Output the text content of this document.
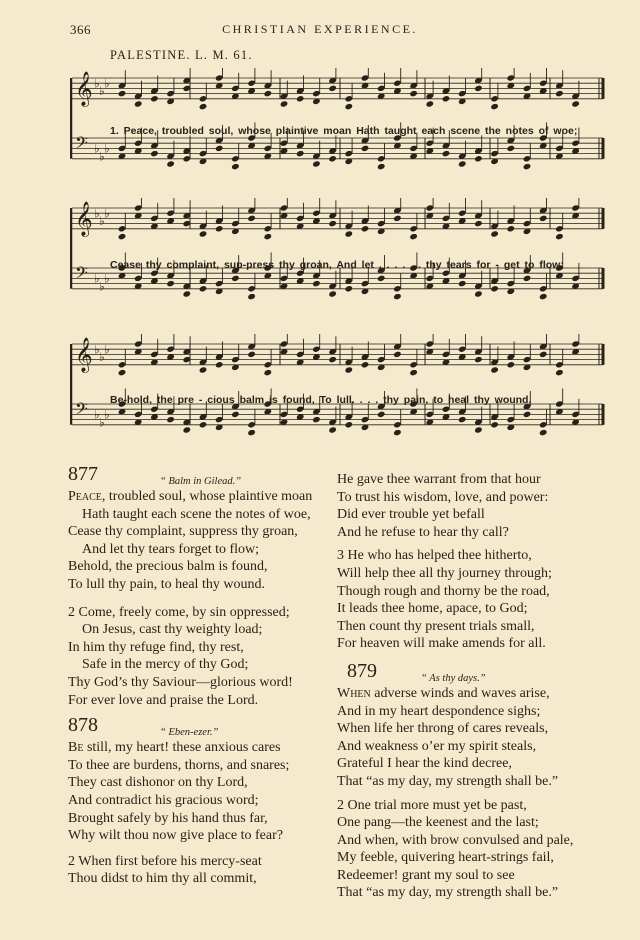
366	CHRISTIAN EXPERIENCE.
PALESTINE. L. M. 61.
𝄞 ♭
♭
♭
𝄢 ♭
♭
♭
1. Peace, troubled soul, whose plaintive moan Hath taught each scene the notes of woe;
𝄞 ♭
♭
♭
𝄢 ♭
♭
♭
Cease thy complaint, sup-press thy groan, And let . . . . . . thy tears for - get to flow;
𝄞 ♭
♭
♭
𝄢 ♭
♭
♭
Be-hold, the pre - cious balm is found, To lull. . . . thy pain, to heal thy wound.
877	“ Balm in Gilead.”

Peace, troubled soul, whose plaintive moan

Hath taught each scene the notes of woe,

Cease thy complaint, suppress thy groan,

And let thy tears forget to flow;

Behold, the precious balm is found,

To lull thy pain, to heal thy wound.

2 Come, freely come, by sin oppressed;

On Jesus, cast thy weighty load;

In him thy refuge find, thy rest,

Safe in the mercy of thy God;

Thy God’s thy Saviour—glorious word!

For ever love and praise the Lord.

878	“ Eben-ezer.”

Be still, my heart! these anxious cares

To thee are burdens, thorns, and snares;

They cast dishonor on thy Lord,

And contradict his gracious word;

Brought safely by his hand thus far,

Why wilt thou now give place to fear?

2 When first before his mercy-seat

Thou didst to him thy all commit,

He gave thee warrant from that hour

To trust his wisdom, love, and power:

Did ever trouble yet befall

And he refuse to hear thy call?

3 He who has helped thee hitherto,

Will help thee all thy journey through;

Though rough and thorny be the road,

It leads thee home, apace, to God;

Then count thy present trials small,

For heaven will make amends for all.

879	“ As thy days.”

When adverse winds and waves arise,

And in my heart despondence sighs;

When life her throng of cares reveals,

And weakness o’er my spirit steals,

Grateful I hear the kind decree,

That “as my day, my strength shall be.”

2 One trial more must yet be past,

One pang—the keenest and the last;

And when, with brow convulsed and pale,

My feeble, quivering heart-strings fail,

Redeemer! grant my soul to see

That “as my day, my strength shall be.”
